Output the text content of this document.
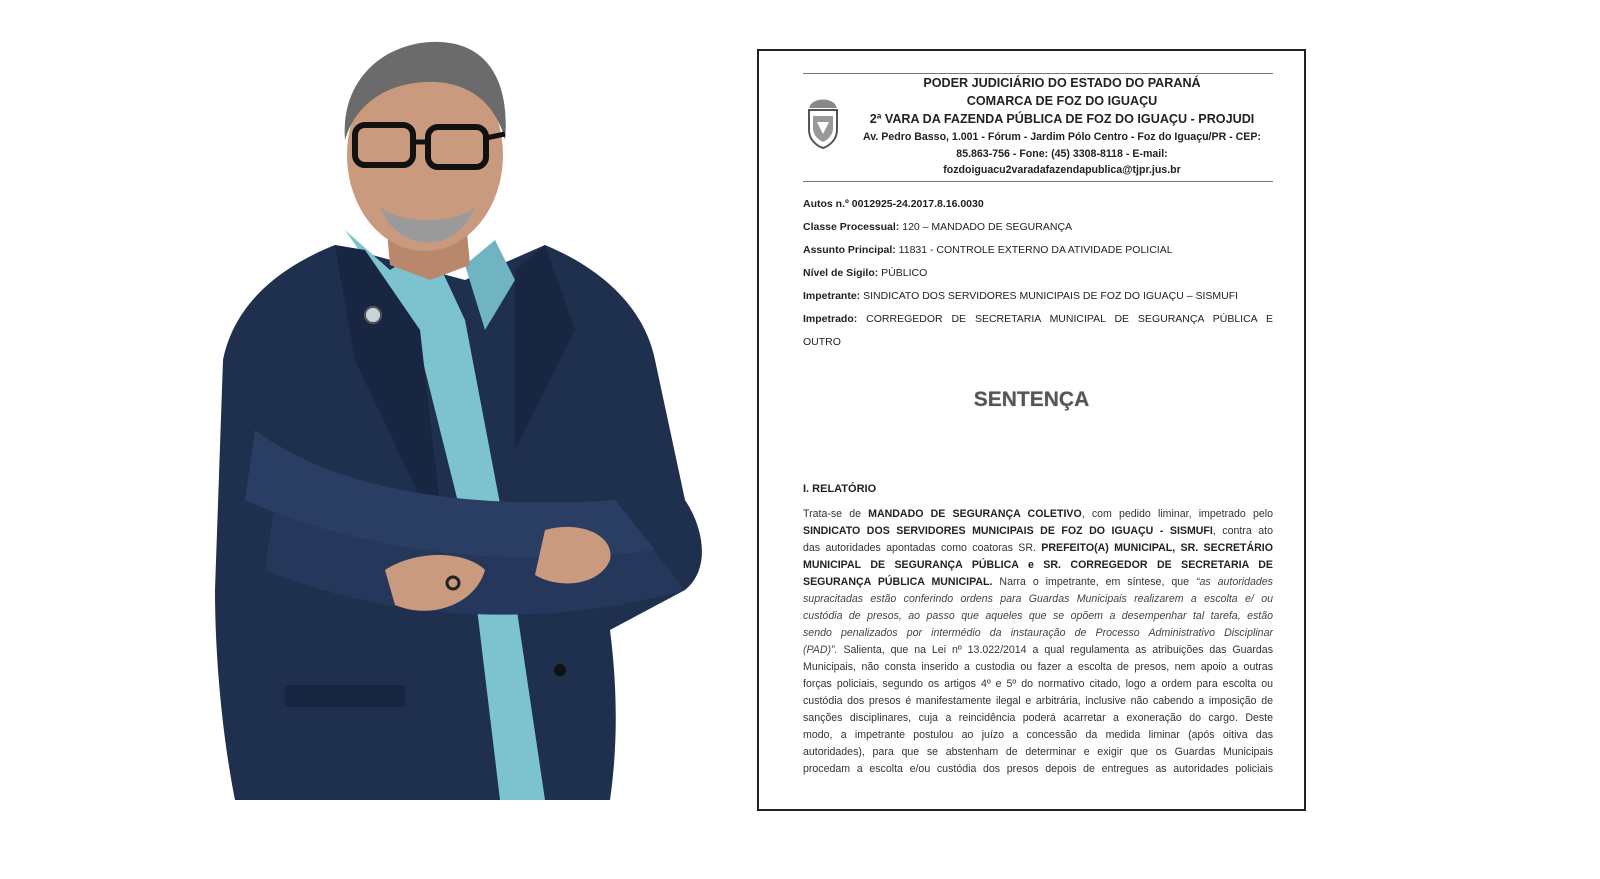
PODER JUDICIÁRIO DO ESTADO DO PARANÁ
COMARCA DE FOZ DO IGUAÇU
2ª VARA DA FAZENDA PÚBLICA DE FOZ DO IGUAÇU - PROJUDI
Av. Pedro Basso, 1.001 - Fórum - Jardim Pólo Centro - Foz do Iguaçu/PR - CEP:
85.863-756 - Fone: (45) 3308-8118 - E-mail:
fozdoiguacu2varadafazendapublica@tjpr.jus.br
Autos n.º 0012925-24.2017.8.16.0030
Classe Processual: 120 – MANDADO DE SEGURANÇA
Assunto Principal: 11831 - CONTROLE EXTERNO DA ATIVIDADE POLICIAL
Nível de Sigilo: PÚBLICO
Impetrante: SINDICATO DOS SERVIDORES MUNICIPAIS DE FOZ DO IGUAÇU – SISMUFI
Impetrado: CORREGEDOR DE SECRETARIA MUNICIPAL DE SEGURANÇA PÚBLICA E
OUTRO
SENTENÇA
I. RELATÓRIO
Trata-se de MANDADO DE SEGURANÇA COLETIVO, com pedido liminar, impetrado pelo
SINDICATO DOS SERVIDORES MUNICIPAIS DE FOZ DO IGUAÇU - SISMUFI, contra ato
das autoridades apontadas como coatoras SR. PREFEITO(A) MUNICIPAL, SR. SECRETÁRIO
MUNICIPAL DE SEGURANÇA PÚBLICA e SR. CORREGEDOR DE SECRETARIA DE
SEGURANÇA PÚBLICA MUNICIPAL. Narra o impetrante, em síntese, que “as autoridades
supracitadas estão conferindo ordens para Guardas Municipais realizarem a escolta e/ ou
custódia de presos, ao passo que aqueles que se opõem a desempenhar tal tarefa, estão
sendo penalizados por intermédio da instauração de Processo Administrativo Disciplinar
(PAD)”. Salienta, que na Lei nº 13.022/2014 a qual regulamenta as atribuições das Guardas
Municipais, não consta inserido a custodia ou fazer a escolta de presos, nem apoio a outras
forças policiais, segundo os artigos 4º e 5º do normativo citado, logo a ordem para escolta ou
custódia dos presos é manifestamente ilegal e arbitrária, inclusive não cabendo a imposição de
sanções disciplinares, cuja a reincidência poderá acarretar a exoneração do cargo. Deste
modo, a impetrante postulou ao juízo a concessão da medida liminar (após oitiva das
autoridades), para que se abstenham de determinar e exigir que os Guardas Municipais
procedam a escolta e/ou custódia dos presos depois de entregues as autoridades policiais
